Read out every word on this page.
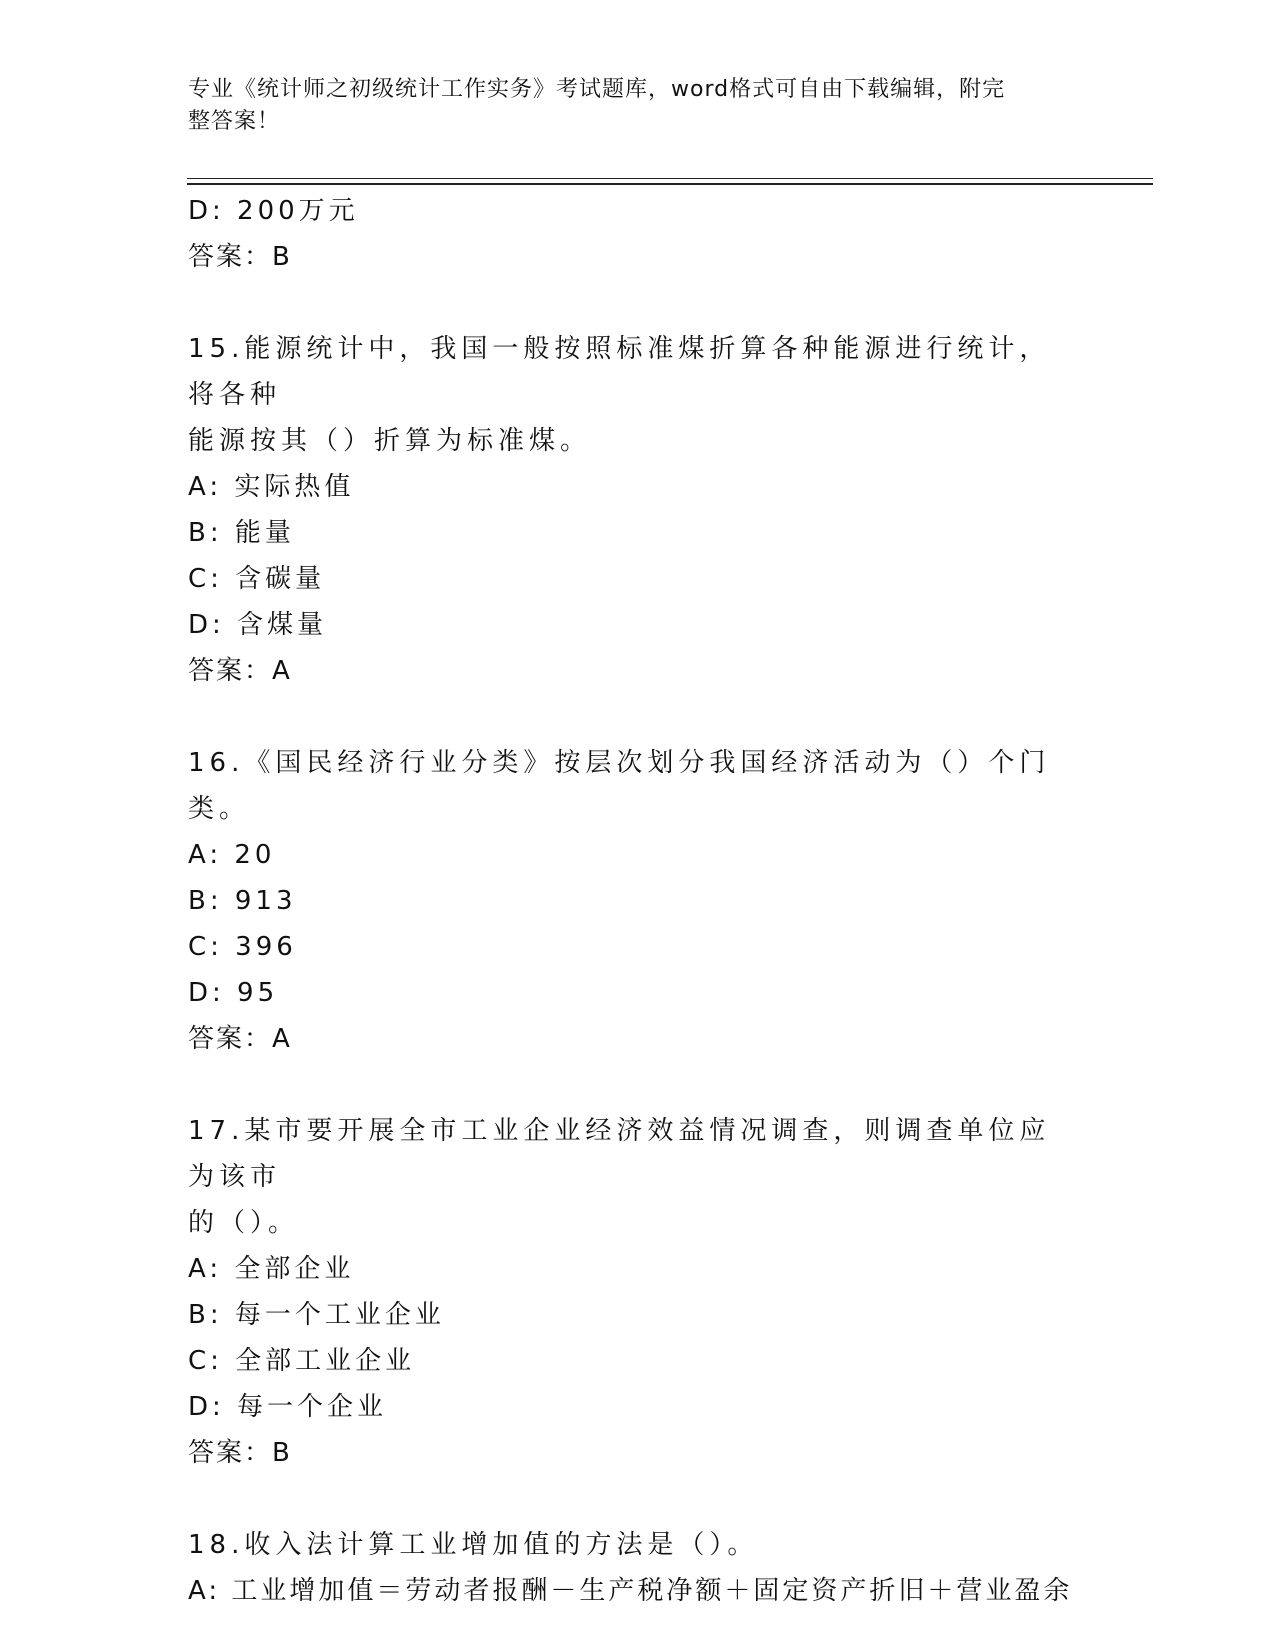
专业《统计师之初级统计工作实务》考试题库，word格式可自由下载编辑，附完
整答案！
D: 200万元
答案：B
15.能源统计中，我国一般按照标准煤折算各种能源进行统计，将各种
能源按其（）折算为标准煤。
A: 实际热值
B: 能量
C: 含碳量
D: 含煤量
答案：A
16.《国民经济行业分类》按层次划分我国经济活动为（）个门类。
A: 20
B: 913
C: 396
D: 95
答案：A
17.某市要开展全市工业企业经济效益情况调查，则调查单位应为该市
的（）。
A: 全部企业
B: 每一个工业企业
C: 全部工业企业
D: 每一个企业
答案：B
18.收入法计算工业增加值的方法是（）。
A: 工业增加值＝劳动者报酬－生产税净额＋固定资产折旧＋营业盈余
